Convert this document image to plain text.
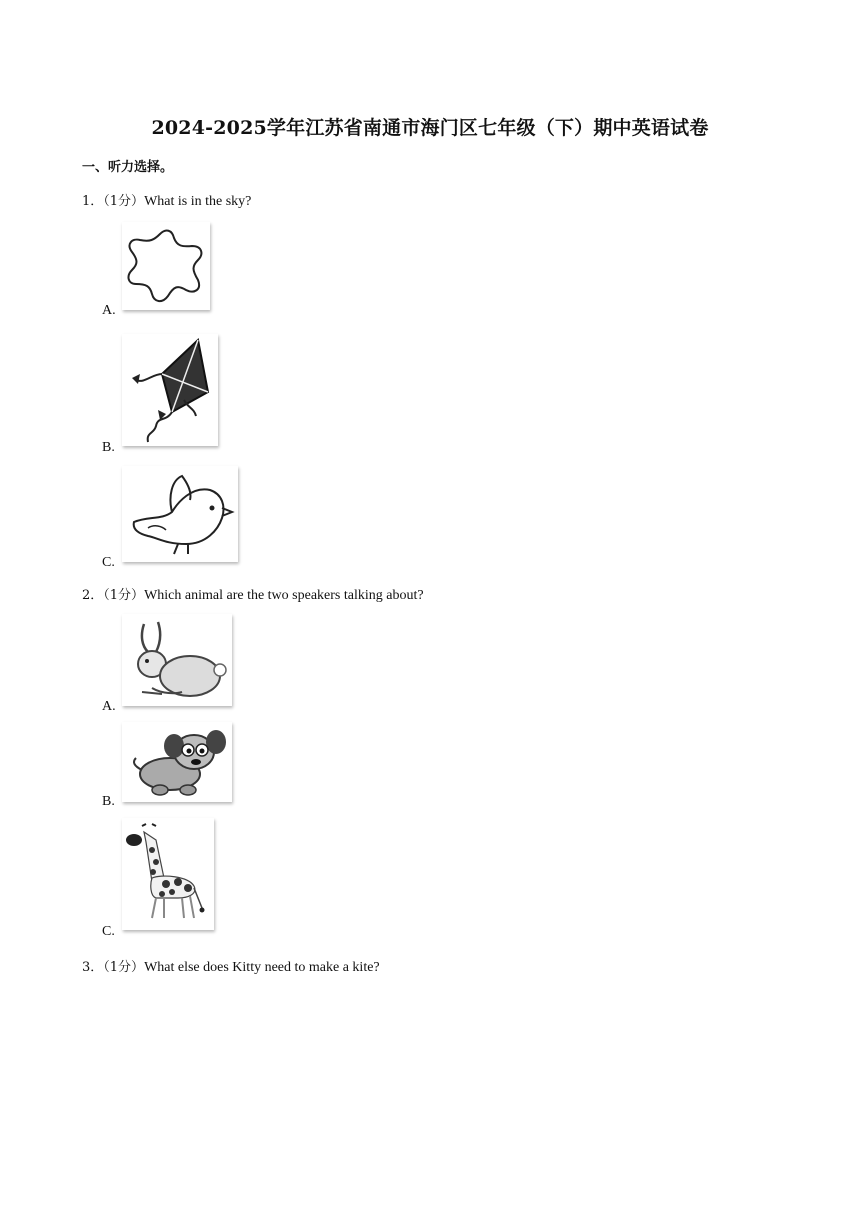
2024-2025学年江苏省南通市海门区七年级（下）期中英语试卷
一、听力选择。
1．（1分）What is in the sky?
A.
B.
C.
2．（1分）Which animal are the two speakers talking about?
A.
B.
C.
3．（1分）What else does Kitty need to make a kite?
